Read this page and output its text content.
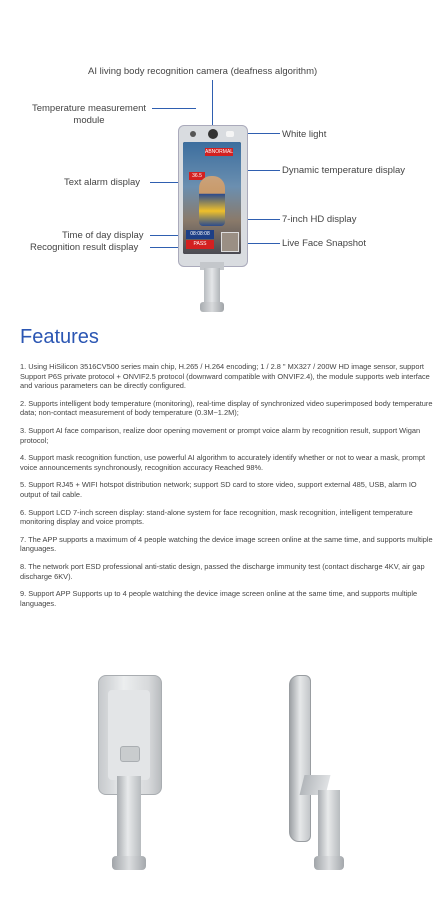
AI living body recognition camera (deafness algorithm)
Temperature measurement module
White light
Text alarm display
Dynamic temperature display
7-inch HD display
Time of day display
Recognition result display	Live Face Snapshot
ABNORMAL
36.5
08:08:08
PASS
Features

1. Using HiSilicon 3516CV500 series main chip, H.265 / H.264 encoding; 1 / 2.8 " MX327 / 200W HD image sensor, support Support P6S private protocol + ONVIF2.5 protocol (downward compatible with ONVIF2.4), the module supports web interface and various parameters can be directly configured.

2. Supports intelligent body temperature (monitoring), real-time display of synchronized video superimposed body temperature data; non-contact measurement of body temperature (0.3M~1.2M);

3. Support AI face comparison, realize door opening movement or prompt voice alarm by recognition result, support Wigan protocol;

4. Support mask recognition function, use powerful AI algorithm to accurately identify whether or not to wear a mask, prompt voice announcements synchronously, recognition accuracy Reached 98%.

5. Support RJ45 + WIFI hotspot distribution network; support SD card to store video, support external 485, USB, alarm IO output of tail cable.

6. Support LCD 7-inch screen display: stand-alone system for face recognition, mask recognition, intelligent temperature monitoring display and voice prompts.

7. The APP supports a maximum of 4 people watching the device image screen online at the same time, and supports multiple languages.

8. The network port ESD professional anti-static design, passed the discharge immunity test (contact discharge 4KV, air gap discharge 6KV).

9. Support APP Supports up to 4 people watching the device image screen online at the same time, and supports multiple languages.
